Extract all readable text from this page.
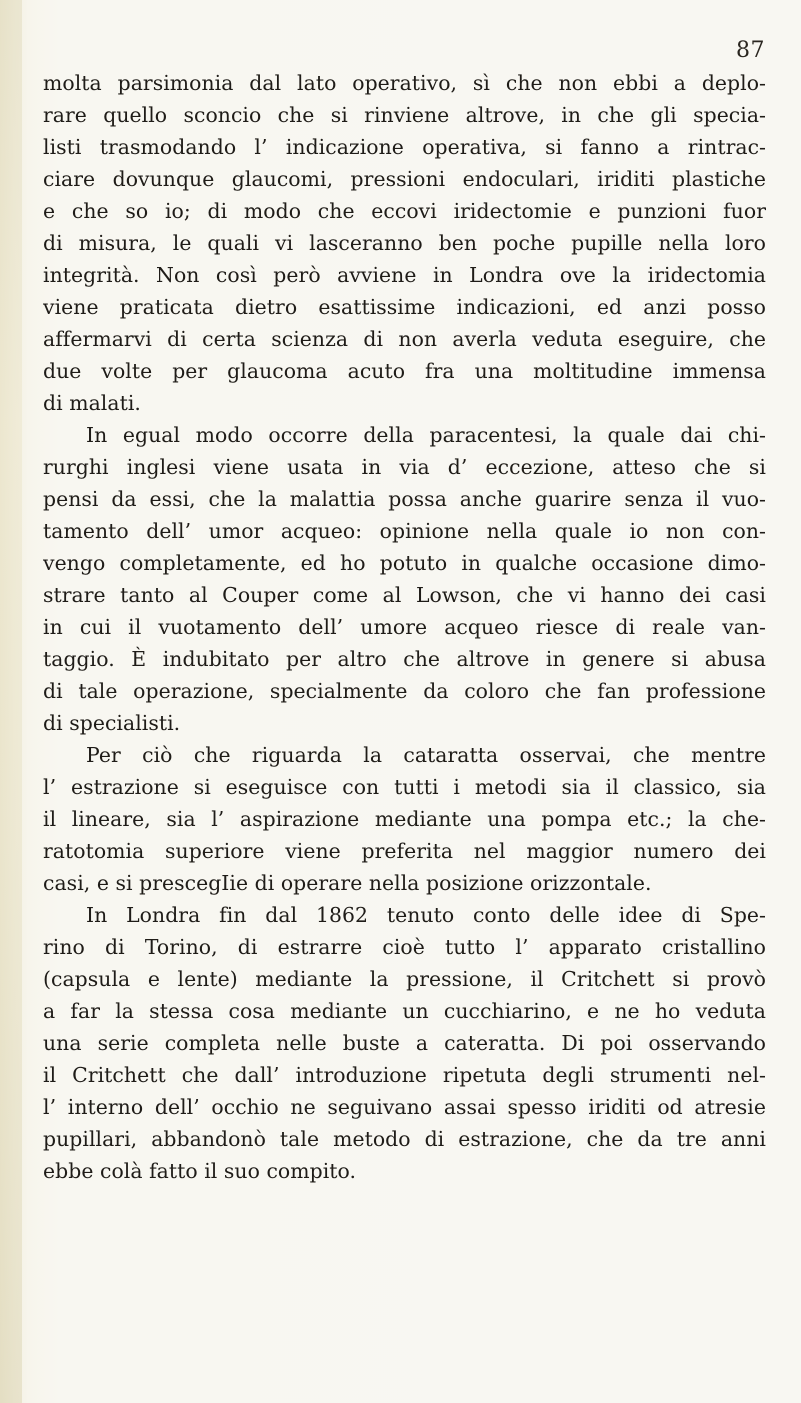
87
molta parsimonia dal lato operativo, sì che non ebbi a deplo-
rare quello sconcio che si rinviene altrove, in che gli specia-
listi trasmodando l’ indicazione operativa, si fanno a rintrac-
ciare dovunque glaucomi, pressioni endoculari, iriditi plastiche
e che so io; di modo che eccovi iridectomie e punzioni fuor
di misura, le quali vi lasceranno ben poche pupille nella loro
integrità. Non così però avviene in Londra ove la iridectomia
viene praticata dietro esattissime indicazioni, ed anzi posso
affermarvi di certa scienza di non averla veduta eseguire, che
due volte per glaucoma acuto fra una moltitudine immensa
di malati.
In egual modo occorre della paracentesi, la quale dai chi-
rurghi inglesi viene usata in via d’ eccezione, atteso che si
pensi da essi, che la malattia possa anche guarire senza il vuo-
tamento dell’ umor acqueo: opinione nella quale io non con-
vengo completamente, ed ho potuto in qualche occasione dimo-
strare tanto al Couper come al Lowson, che vi hanno dei casi
in cui il vuotamento dell’ umore acqueo riesce di reale van-
taggio. È indubitato per altro che altrove in genere si abusa
di tale operazione, specialmente da coloro che fan professione
di specialisti.
Per ciò che riguarda la cataratta osservai, che mentre
l’ estrazione si eseguisce con tutti i metodi sia il classico, sia
il lineare, sia l’ aspirazione mediante una pompa etc.; la che-
ratotomia superiore viene preferita nel maggior numero dei
casi, e si prescegIie di operare nella posizione orizzontale.
In Londra fin dal 1862 tenuto conto delle idee di Spe-
rino di Torino, di estrarre cioè tutto l’ apparato cristallino
(capsula e lente) mediante la pressione, il Critchett si provò
a far la stessa cosa mediante un cucchiarino, e ne ho veduta
una serie completa nelle buste a cateratta. Di poi osservando
il Critchett che dall’ introduzione ripetuta degli strumenti nel-
l’ interno dell’ occhio ne seguivano assai spesso iriditi od atresie
pupillari, abbandonò tale metodo di estrazione, che da tre anni
ebbe colà fatto il suo compito.
